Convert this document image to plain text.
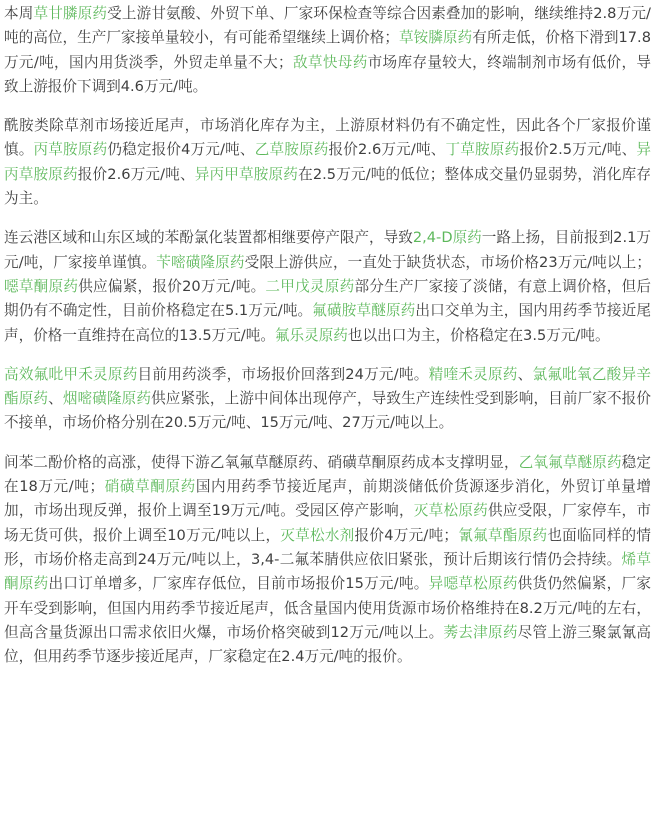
本周草甘膦原药受上游甘氨酸、外贸下单、厂家环保检查等综合因素叠加的影响，继续维持2.8万元/吨的高位，生产厂家接单量较小，有可能希望继续上调价格；草铵膦原药有所走低，价格下滑到17.8万元/吨，国内用货淡季，外贸走单量不大；敌草快母药市场库存量较大，终端制剂市场有低价，导致上游报价下调到4.6万元/吨。

酰胺类除草剂市场接近尾声，市场消化库存为主，上游原材料仍有不确定性，因此各个厂家报价谨慎。丙草胺原药仍稳定报价4万元/吨、乙草胺原药报价2.6万元/吨、丁草胺原药报价2.5万元/吨、异丙草胺原药报价2.6万元/吨、异丙甲草胺原药在2.5万元/吨的低位；整体成交量仍显弱势，消化库存为主。

连云港区域和山东区域的苯酚氯化装置都相继要停产限产，导致2,4-D原药一路上扬，目前报到2.1万元/吨，厂家接单谨慎。苄嘧磺隆原药受限上游供应，一直处于缺货状态，市场价格23万元/吨以上；噁草酮原药供应偏紧，报价20万元/吨。二甲戊灵原药部分生产厂家接了淡储，有意上调价格，但后期仍有不确定性，目前价格稳定在5.1万元/吨。氟磺胺草醚原药出口交单为主，国内用药季节接近尾声，价格一直维持在高位的13.5万元/吨。氟乐灵原药也以出口为主，价格稳定在3.5万元/吨。

高效氟吡甲禾灵原药目前用药淡季，市场报价回落到24万元/吨。精喹禾灵原药、氯氟吡氧乙酸异辛酯原药、烟嘧磺隆原药供应紧张，上游中间体出现停产，导致生产连续性受到影响，目前厂家不报价不接单，市场价格分别在20.5万元/吨、15万元/吨、27万元/吨以上。

间苯二酚价格的高涨，使得下游乙氧氟草醚原药、硝磺草酮原药成本支撑明显，乙氧氟草醚原药稳定在18万元/吨；硝磺草酮原药国内用药季节接近尾声，前期淡储低价货源逐步消化，外贸订单量增加，市场出现反弹，报价上调至19万元/吨。受园区停产影响，灭草松原药供应受限，厂家停车，市场无货可供，报价上调至10万元/吨以上，灭草松水剂报价4万元/吨；氰氟草酯原药也面临同样的情形，市场价格走高到24万元/吨以上，3,4-二氟苯腈供应依旧紧张，预计后期该行情仍会持续。烯草酮原药出口订单增多，厂家库存低位，目前市场报价15万元/吨。异噁草松原药供货仍然偏紧，厂家开车受到影响，但国内用药季节接近尾声，低含量国内使用货源市场价格维持在8.2万元/吨的左右，但高含量货源出口需求依旧火爆，市场价格突破到12万元/吨以上。莠去津原药尽管上游三聚氯氰高位，但用药季节逐步接近尾声，厂家稳定在2.4万元/吨的报价。
